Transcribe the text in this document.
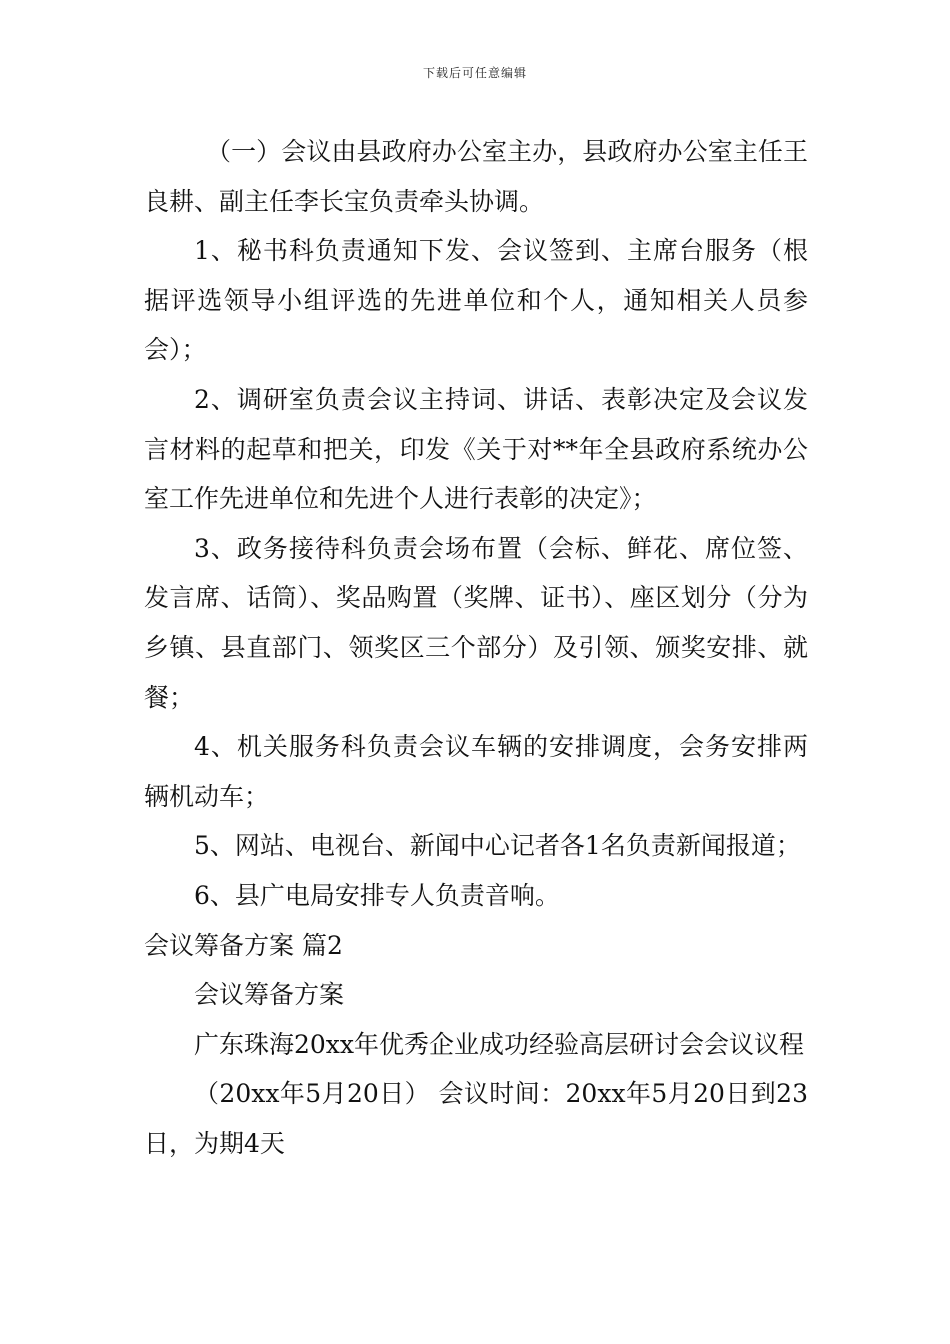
下载后可任意编辑

（一）会议由县政府办公室主办，县政府办公室主任王良耕、副主任李长宝负责牵头协调。

1、秘书科负责通知下发、会议签到、主席台服务（根据评选领导小组评选的先进单位和个人，通知相关人员参会）；

2、调研室负责会议主持词、讲话、表彰决定及会议发言材料的起草和把关，印发《关于对**年全县政府系统办公室工作先进单位和先进个人进行表彰的决定》；

3、政务接待科负责会场布置（会标、鲜花、席位签、发言席、话筒）、奖品购置（奖牌、证书）、座区划分（分为乡镇、县直部门、领奖区三个部分）及引领、颁奖安排、就餐；

4、机关服务科负责会议车辆的安排调度，会务安排两辆机动车；

5、网站、电视台、新闻中心记者各1名负责新闻报道；

6、县广电局安排专人负责音响。

会议筹备方案 篇2

会议筹备方案

广东珠海20xx年优秀企业成功经验高层研讨会会议议程

（20xx年5月20日） 会议时间：20xx年5月20日到23日，为期4天
